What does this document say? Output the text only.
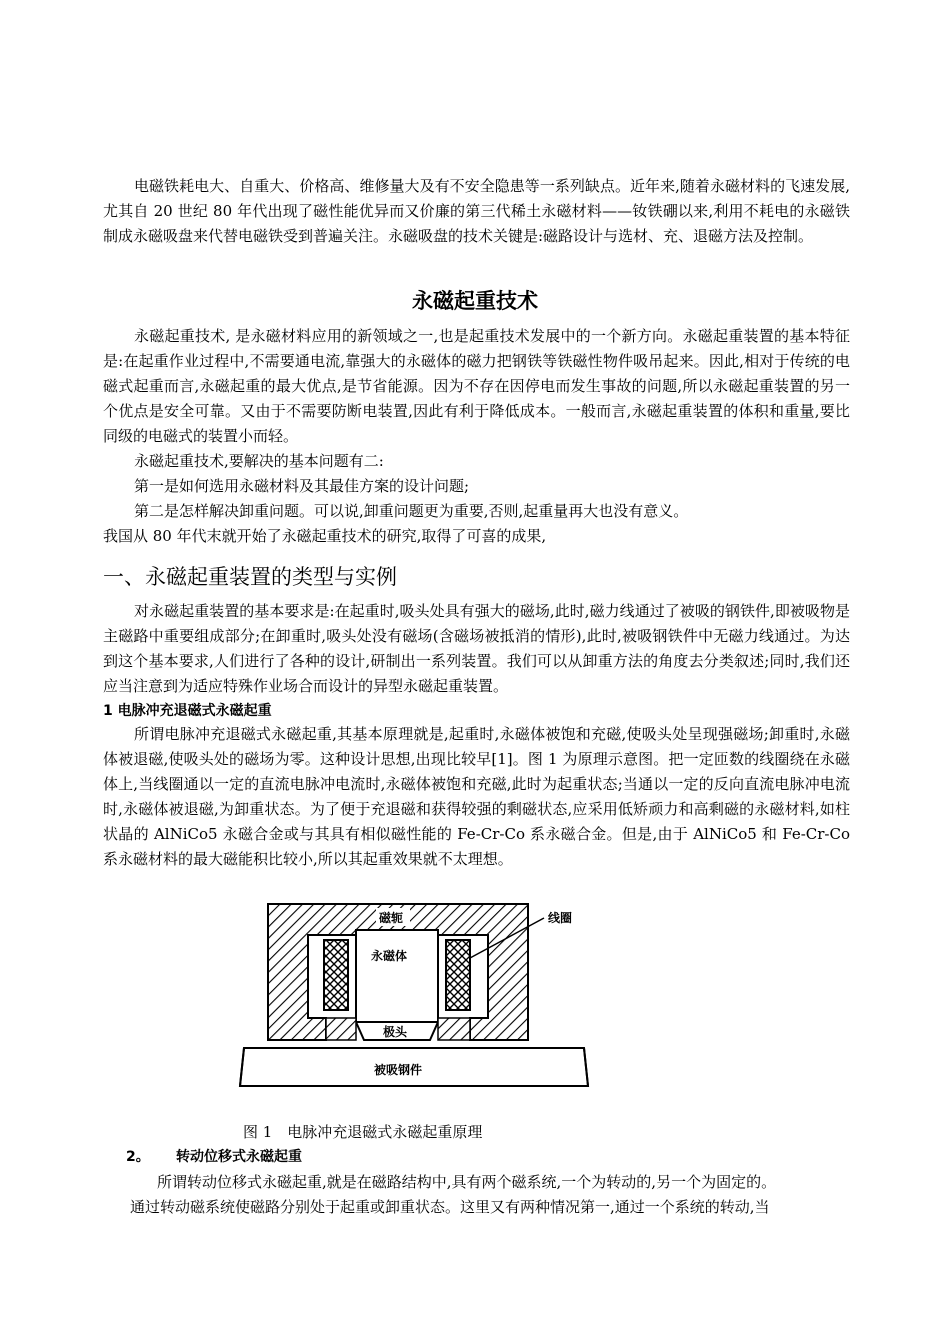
电磁铁耗电大、自重大、价格高、维修量大及有不安全隐患等一系列缺点。近年来,随着永磁材料的飞速发展,尤其自 20 世纪 80 年代出现了磁性能优异而又价廉的第三代稀土永磁材料——钕铁硼以来,利用不耗电的永磁铁制成永磁吸盘来代替电磁铁受到普遍关注。永磁吸盘的技术关键是:磁路设计与选材、充、退磁方法及控制。

永磁起重技术

永磁起重技术, 是永磁材料应用的新领域之一,也是起重技术发展中的一个新方向。永磁起重装置的基本特征是:在起重作业过程中,不需要通电流,靠强大的永磁体的磁力把钢铁等铁磁性物件吸吊起来。因此,相对于传统的电磁式起重而言,永磁起重的最大优点,是节省能源。因为不存在因停电而发生事故的问题,所以永磁起重装置的另一个优点是安全可靠。又由于不需要防断电装置,因此有利于降低成本。一般而言,永磁起重装置的体积和重量,要比同级的电磁式的装置小而轻。

永磁起重技术,要解决的基本问题有二:

第一是如何选用永磁材料及其最佳方案的设计问题;

第二是怎样解决卸重问题。可以说,卸重问题更为重要,否则,起重量再大也没有意义。

我国从 80 年代末就开始了永磁起重技术的研究,取得了可喜的成果,

一、永磁起重装置的类型与实例

对永磁起重装置的基本要求是:在起重时,吸头处具有强大的磁场,此时,磁力线通过了被吸的钢铁件,即被吸物是主磁路中重要组成部分;在卸重时,吸头处没有磁场(含磁场被抵消的情形),此时,被吸钢铁件中无磁力线通过。为达到这个基本要求,人们进行了各种的设计,研制出一系列装置。我们可以从卸重方法的角度去分类叙述;同时,我们还应当注意到为适应特殊作业场合而设计的异型永磁起重装置。

1 电脉冲充退磁式永磁起重

所谓电脉冲充退磁式永磁起重,其基本原理就是,起重时,永磁体被饱和充磁,使吸头处呈现强磁场;卸重时,永磁体被退磁,使吸头处的磁场为零。这种设计思想,出现比较早[1]。图 1 为原理示意图。把一定匝数的线圈绕在永磁体上,当线圈通以一定的直流电脉冲电流时,永磁体被饱和充磁,此时为起重状态;当通以一定的反向直流电脉冲电流时,永磁体被退磁,为卸重状态。为了便于充退磁和获得较强的剩磁状态,应采用低矫顽力和高剩磁的永磁材料,如柱状晶的 AlNiCo5 永磁合金或与其具有相似磁性能的 Fe-Cr-Co 系永磁合金。但是,由于 AlNiCo5 和 Fe-Cr-Co 系永磁材料的最大磁能积比较小,所以其起重效果就不太理想。

磁轭	线圈
永磁体
极头
被吸钢件

图 1　电脉冲充退磁式永磁起重原理

2。 转动位移式永磁起重

所谓转动位移式永磁起重,就是在磁路结构中,具有两个磁系统,一个为转动的,另一个为固定的。

通过转动磁系统使磁路分别处于起重或卸重状态。这里又有两种情况第一,通过一个系统的转动,当
